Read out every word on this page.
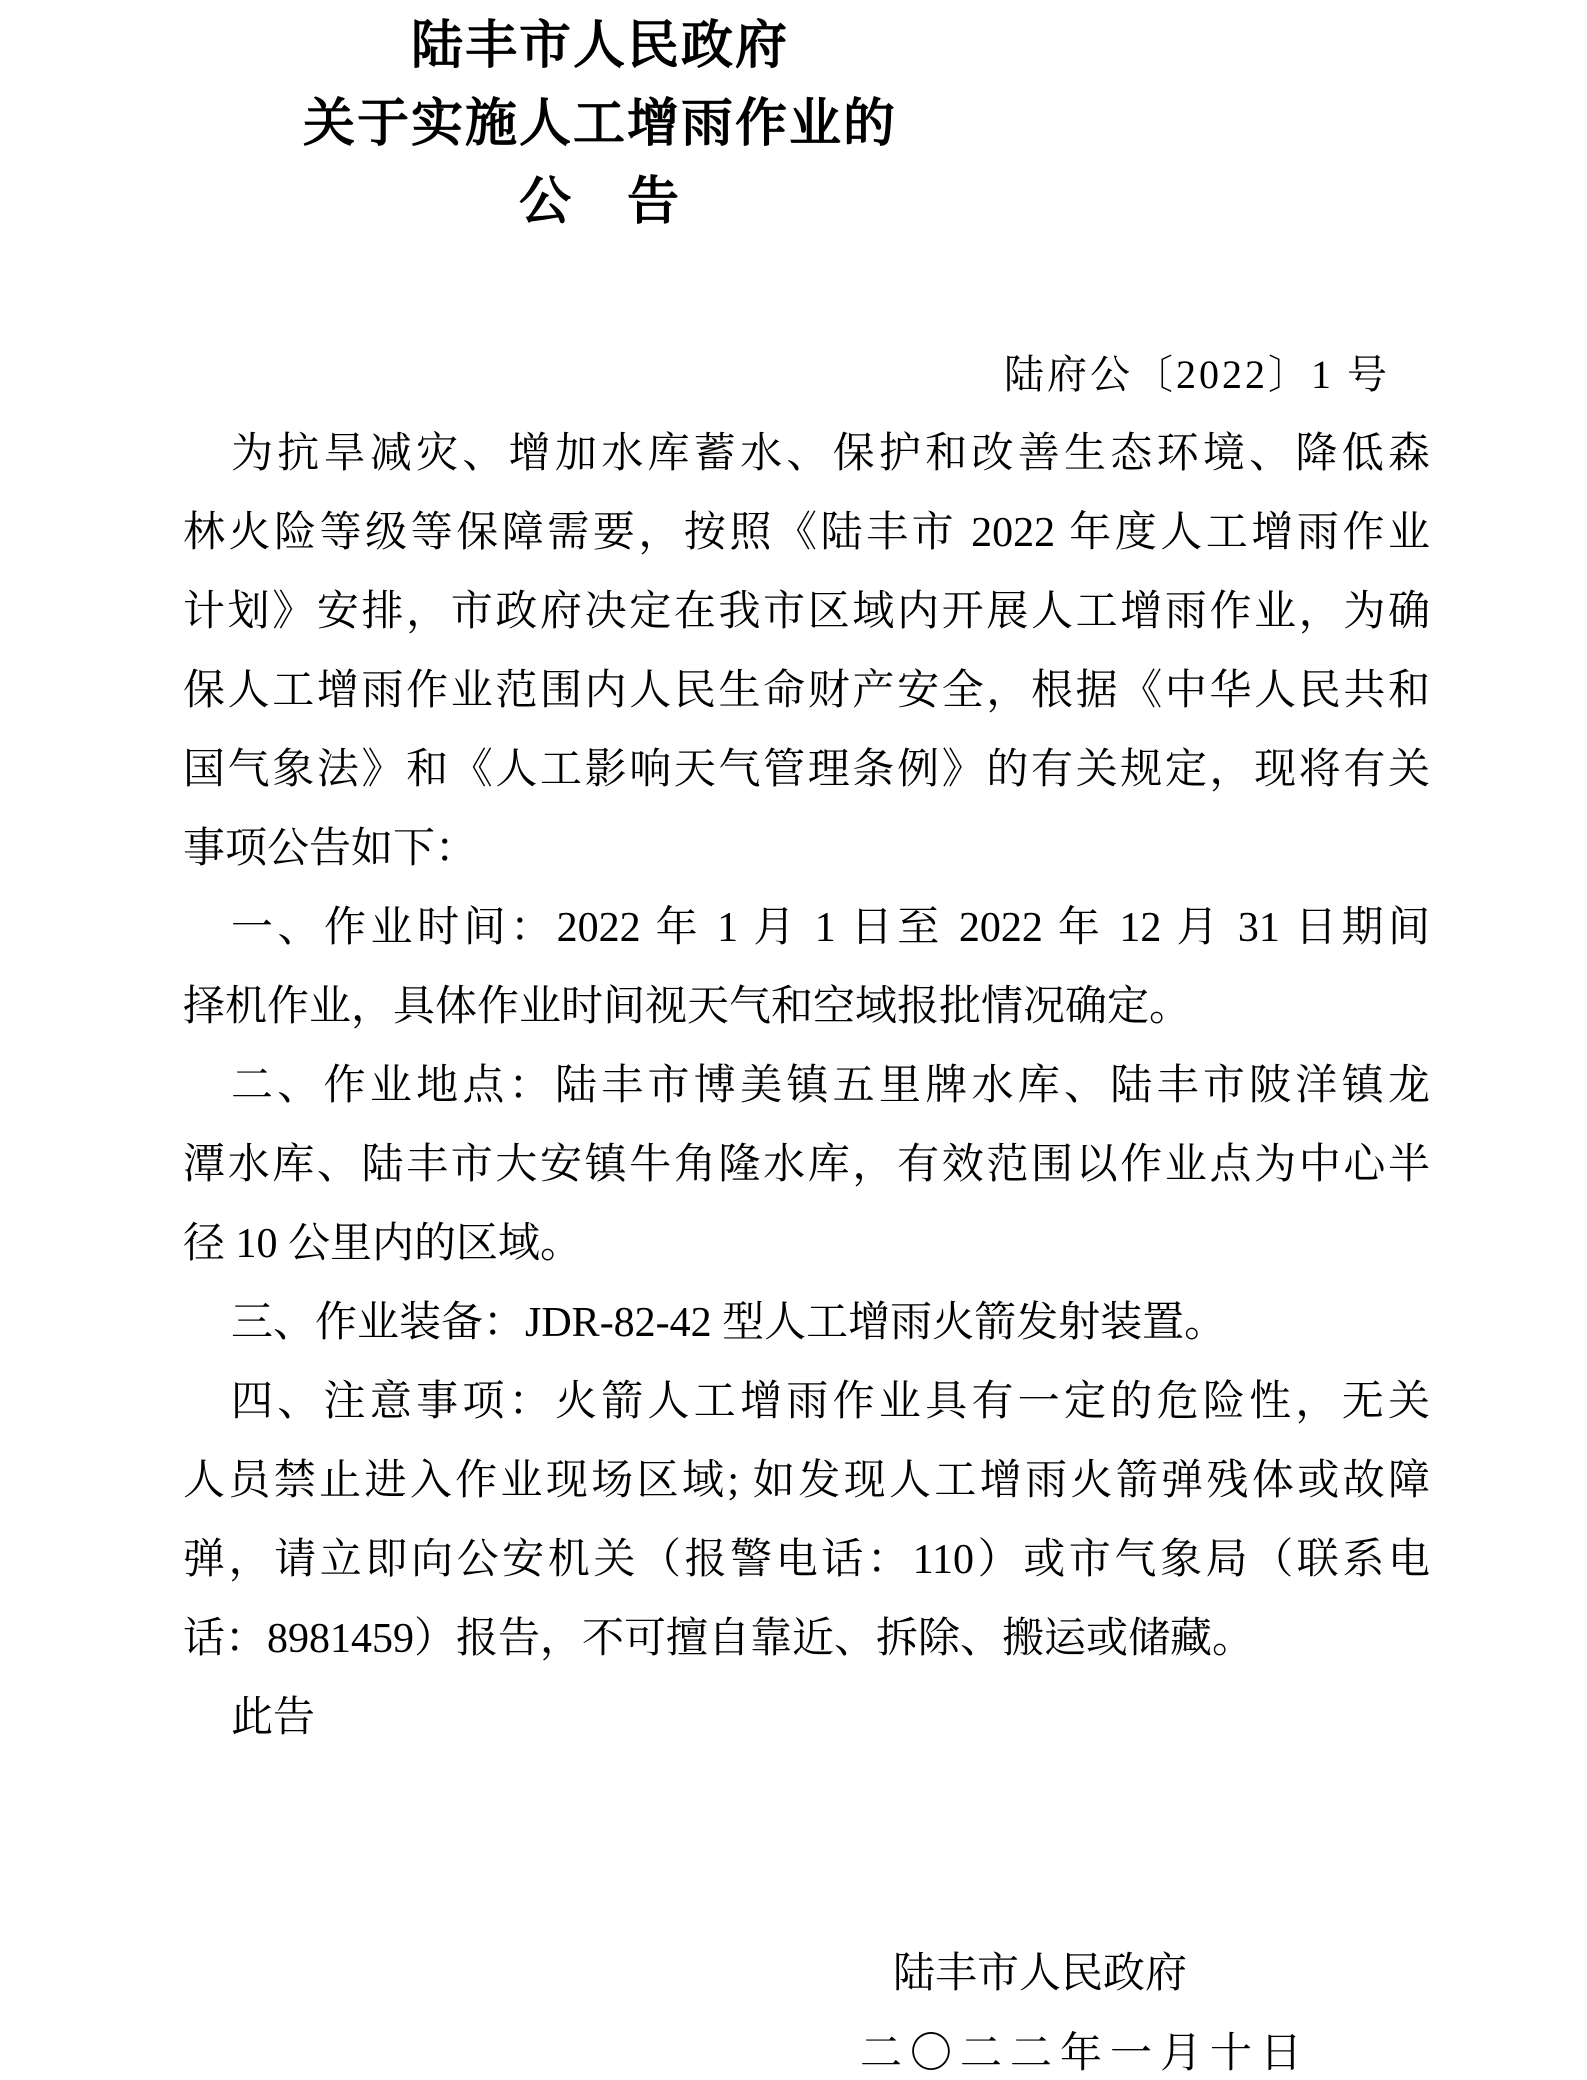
陆丰市人民政府
关于实施人工增雨作业的
公　告
陆府公〔2022〕1 号
为抗旱减灾、增加水库蓄水、保护和改善生态环境、降低森
林火险等级等保障需要，按照《陆丰市 2022 年度人工增雨作业
计划》安排，市政府决定在我市区域内开展人工增雨作业，为确
保人工增雨作业范围内人民生命财产安全，根据《中华人民共和
国气象法》和《人工影响天气管理条例》的有关规定，现将有关
事项公告如下：
一、作业时间：2022 年 1 月 1 日至 2022 年 12 月 31 日期间
择机作业，具体作业时间视天气和空域报批情况确定。
二、作业地点：陆丰市博美镇五里牌水库、陆丰市陂洋镇龙
潭水库、陆丰市大安镇牛角隆水库，有效范围以作业点为中心半
径 10 公里内的区域。
三、作业装备：JDR-82-42 型人工增雨火箭发射装置。
四、注意事项：火箭人工增雨作业具有一定的危险性，无关
人员禁止进入作业现场区域; 如发现人工增雨火箭弹残体或故障
弹，请立即向公安机关（报警电话：110）或市气象局（联系电
话：8981459）报告，不可擅自靠近、拆除、搬运或储藏。
此告
陆丰市人民政府
二〇二二年一月十日
